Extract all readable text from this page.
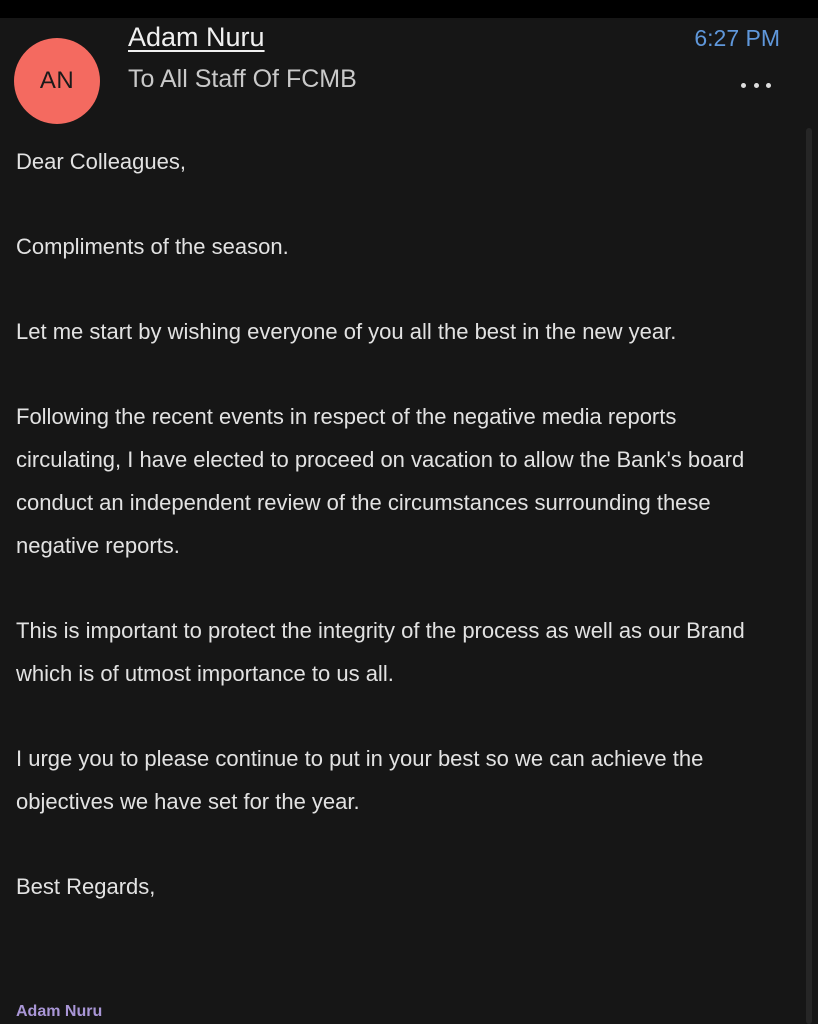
AN
Adam Nuru
To All Staff Of FCMB
6:27 PM

Dear Colleagues,

Compliments of the season.

Let me start by wishing everyone of you all the best in the new year.

Following the recent events in respect of the negative media reports circulating, I have elected to proceed on vacation to allow the Bank's board conduct an independent review of the circumstances surrounding these negative reports.

This is important to protect the integrity of the process as well as our Brand which is of utmost importance to us all.

I urge you to please continue to put in your best so we can achieve the objectives we have set for the year.

Best Regards,

Adam Nuru
